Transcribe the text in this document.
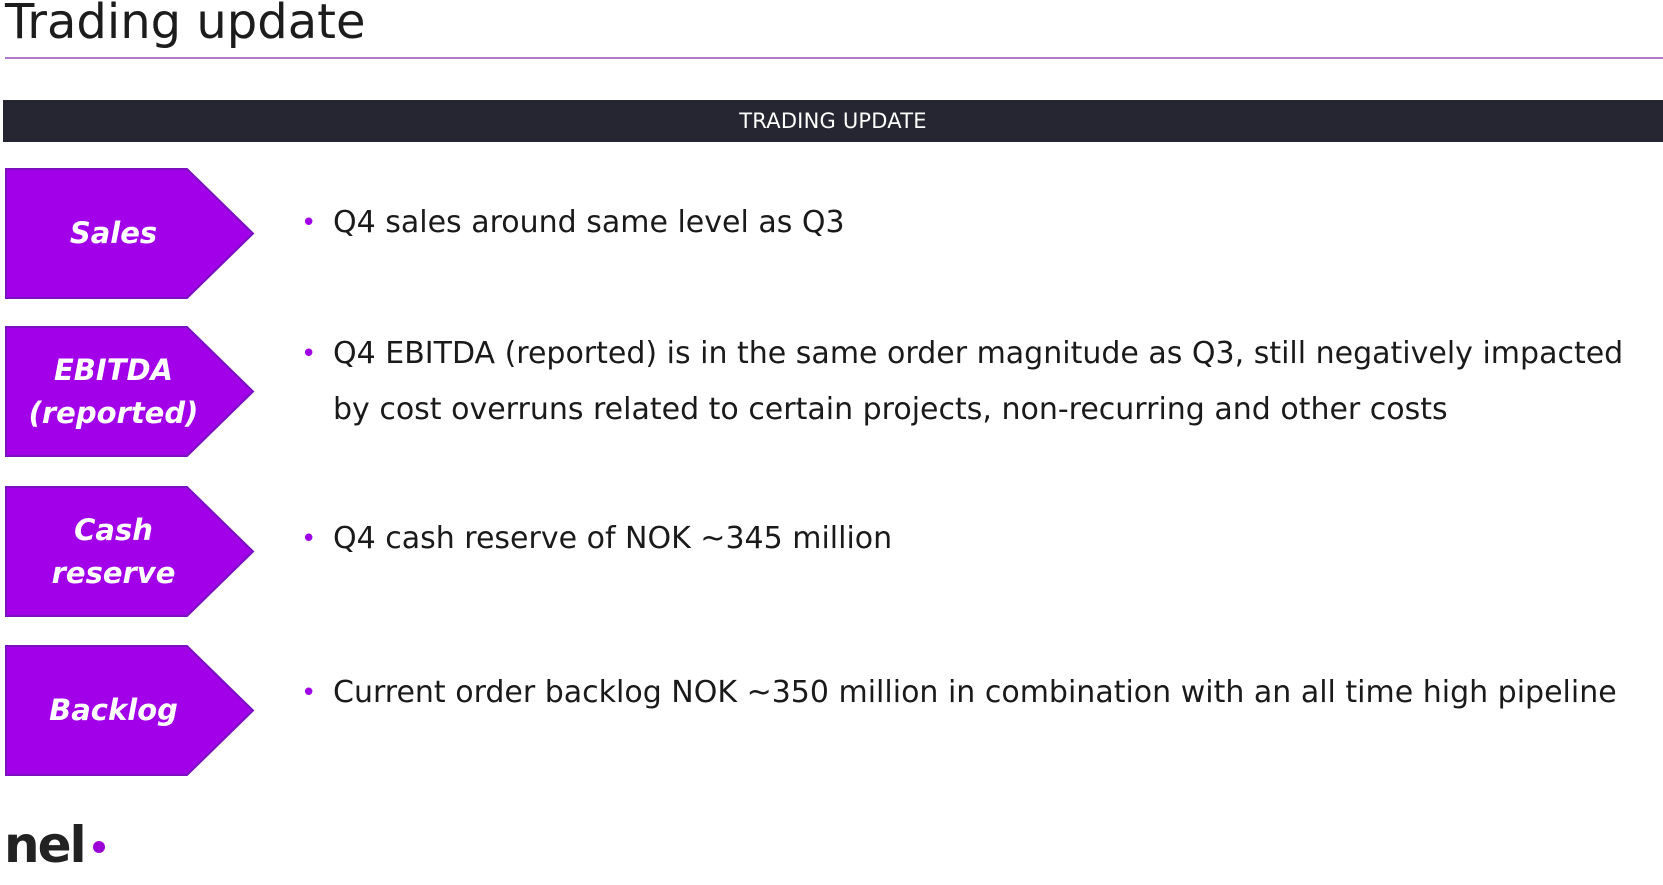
Trading update
TRADING UPDATE
Sales	• Q4 sales around same level as Q3
EBITDA
(reported)
• Q4 EBITDA (reported) is in the same order magnitude as Q3, still negatively impacted by cost overruns related to certain projects, non-recurring and other costs
Cash
reserve
• Q4 cash reserve of NOK ~345 million
Backlog	• Current order backlog NOK ~350 million in combination with an all time high pipeline
nel
